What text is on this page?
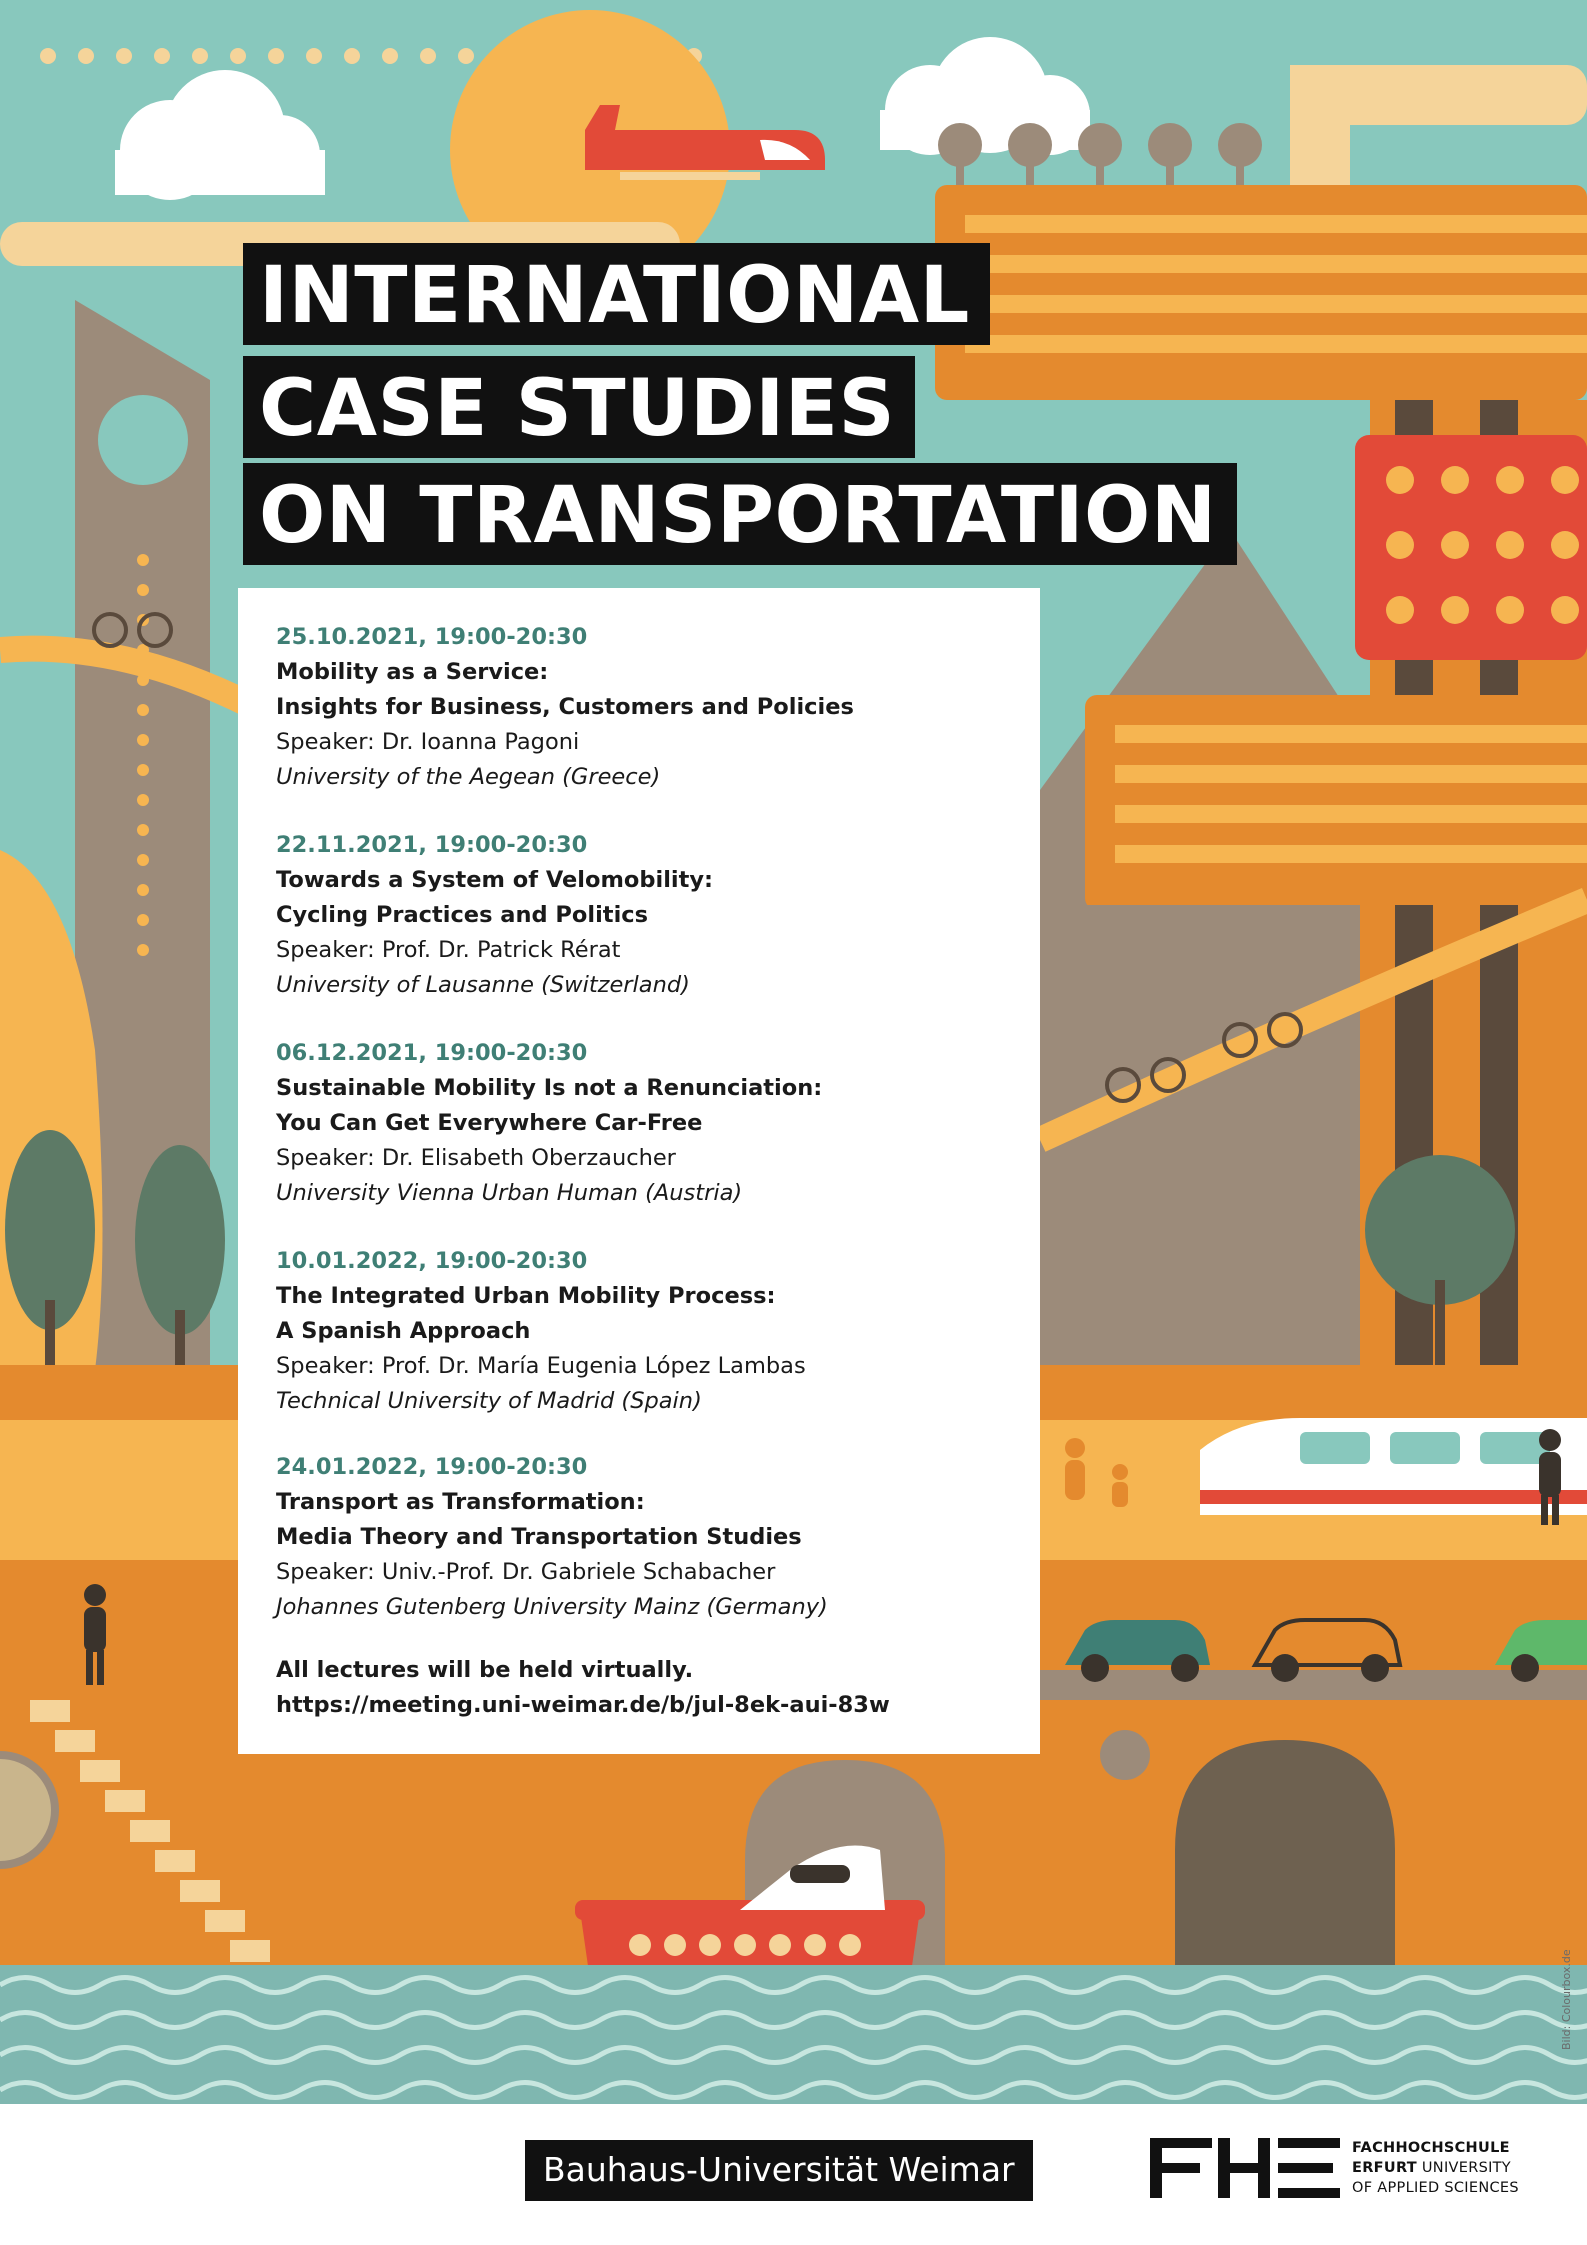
INTERNATIONAL
CASE STUDIES
ON TRANSPORTATION
25.10.2021, 19:00-20:30
Mobility as a Service:
Insights for Business, Customers and Policies
Speaker: Dr. Ioanna Pagoni
University of the Aegean (Greece)
22.11.2021, 19:00-20:30
Towards a System of Velomobility:
Cycling Practices and Politics
Speaker: Prof. Dr. Patrick Rérat
University of Lausanne (Switzerland)
06.12.2021, 19:00-20:30
Sustainable Mobility Is not a Renunciation:
You Can Get Everywhere Car-Free
Speaker: Dr. Elisabeth Oberzaucher
University Vienna Urban Human (Austria)
10.01.2022, 19:00-20:30
The Integrated Urban Mobility Process:
A Spanish Approach
Speaker: Prof. Dr. María Eugenia López Lambas
Technical University of Madrid (Spain)
24.01.2022, 19:00-20:30
Transport as Transformation:
Media Theory and Transportation Studies
Speaker: Univ.-Prof. Dr. Gabriele Schabacher
Johannes Gutenberg University Mainz (Germany)
All lectures will be held virtually.
https://meeting.uni-weimar.de/b/jul-8ek-aui-83w
Bild: Colourbox.de
Bauhaus-Universität Weimar
FACHHOCHSCHULE
ERFURT UNIVERSITY
OF APPLIED SCIENCES
